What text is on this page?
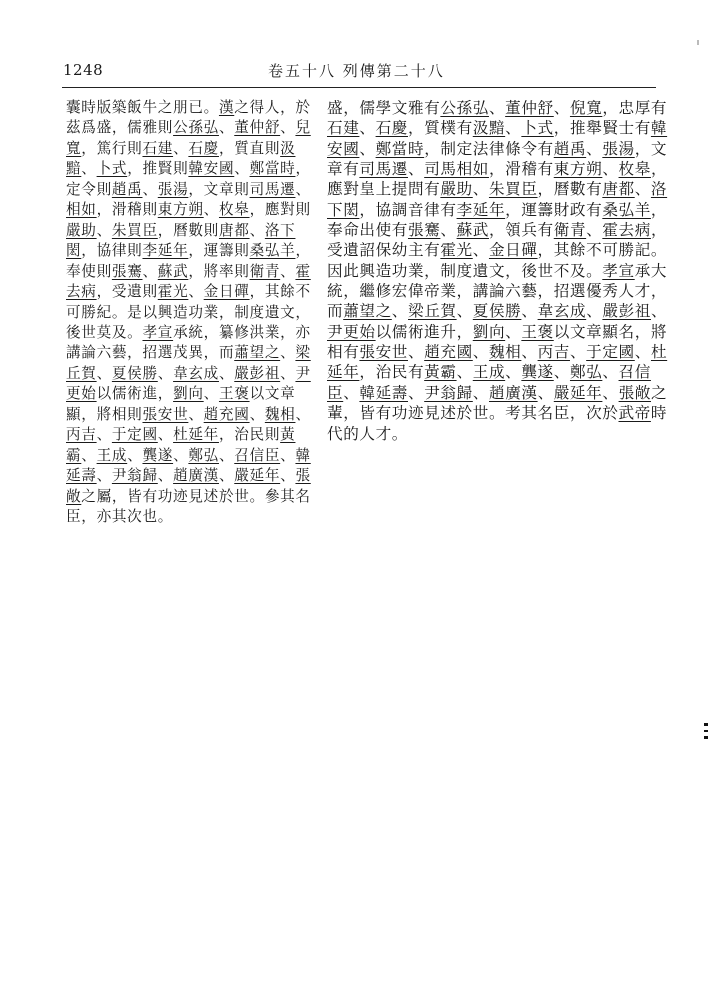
1248	卷五十八 列傳第二十八
囊時版築飯牛之朋已。漢之得人，於
茲爲盛，儒雅則公孫弘、董仲舒、兒
寬，篤行則石建、石慶，質直則汲
黯、卜式，推賢則韓安國、鄭當時，
定令則趙禹、張湯，文章則司馬遷、
相如，滑稽則東方朔、枚皋，應對則
嚴助、朱買臣，曆數則唐都、洛下
閎，協律則李延年，運籌則桑弘羊，
奉使則張騫、蘇武，將率則衛青、霍
去病，受遺則霍光、金日磾，其餘不
可勝紀。是以興造功業，制度遺文，
後世莫及。孝宣承統，纂修洪業，亦
講論六藝，招選茂異，而蕭望之、梁
丘賀、夏侯勝、韋玄成、嚴彭祖、尹
更始以儒術進，劉向、王褒以文章
顯，將相則張安世、趙充國、魏相、
丙吉、于定國、杜延年，治民則黃
霸、王成、龔遂、鄭弘、召信臣、韓
延壽、尹翁歸、趙廣漢、嚴延年、張
敞之屬，皆有功迹見述於世。參其名
臣，亦其次也。
盛，儒學文雅有公孫弘、董仲舒、倪寬，忠厚有
石建、石慶，質樸有汲黯、卜式，推舉賢士有韓
安國、鄭當時，制定法律條令有趙禹、張湯，文
章有司馬遷、司馬相如，滑稽有東方朔、枚皋，
應對皇上提問有嚴助、朱買臣，曆數有唐都、洛
下閎，協調音律有李延年，運籌財政有桑弘羊，
奉命出使有張騫、蘇武，領兵有衛青、霍去病，
受遺詔保幼主有霍光、金日磾，其餘不可勝記。
因此興造功業，制度遺文，後世不及。孝宣承大
統，繼修宏偉帝業，講論六藝，招選優秀人才，
而蕭望之、梁丘賀、夏侯勝、韋玄成、嚴彭祖、
尹更始以儒術進升，劉向、王褒以文章顯名，將
相有張安世、趙充國、魏相、丙吉、于定國、杜
延年，治民有黃霸、王成、龔遂、鄭弘、召信
臣、韓延壽、尹翁歸、趙廣漢、嚴延年、張敞之
輩，皆有功迹見述於世。考其名臣，次於武帝時
代的人才。
